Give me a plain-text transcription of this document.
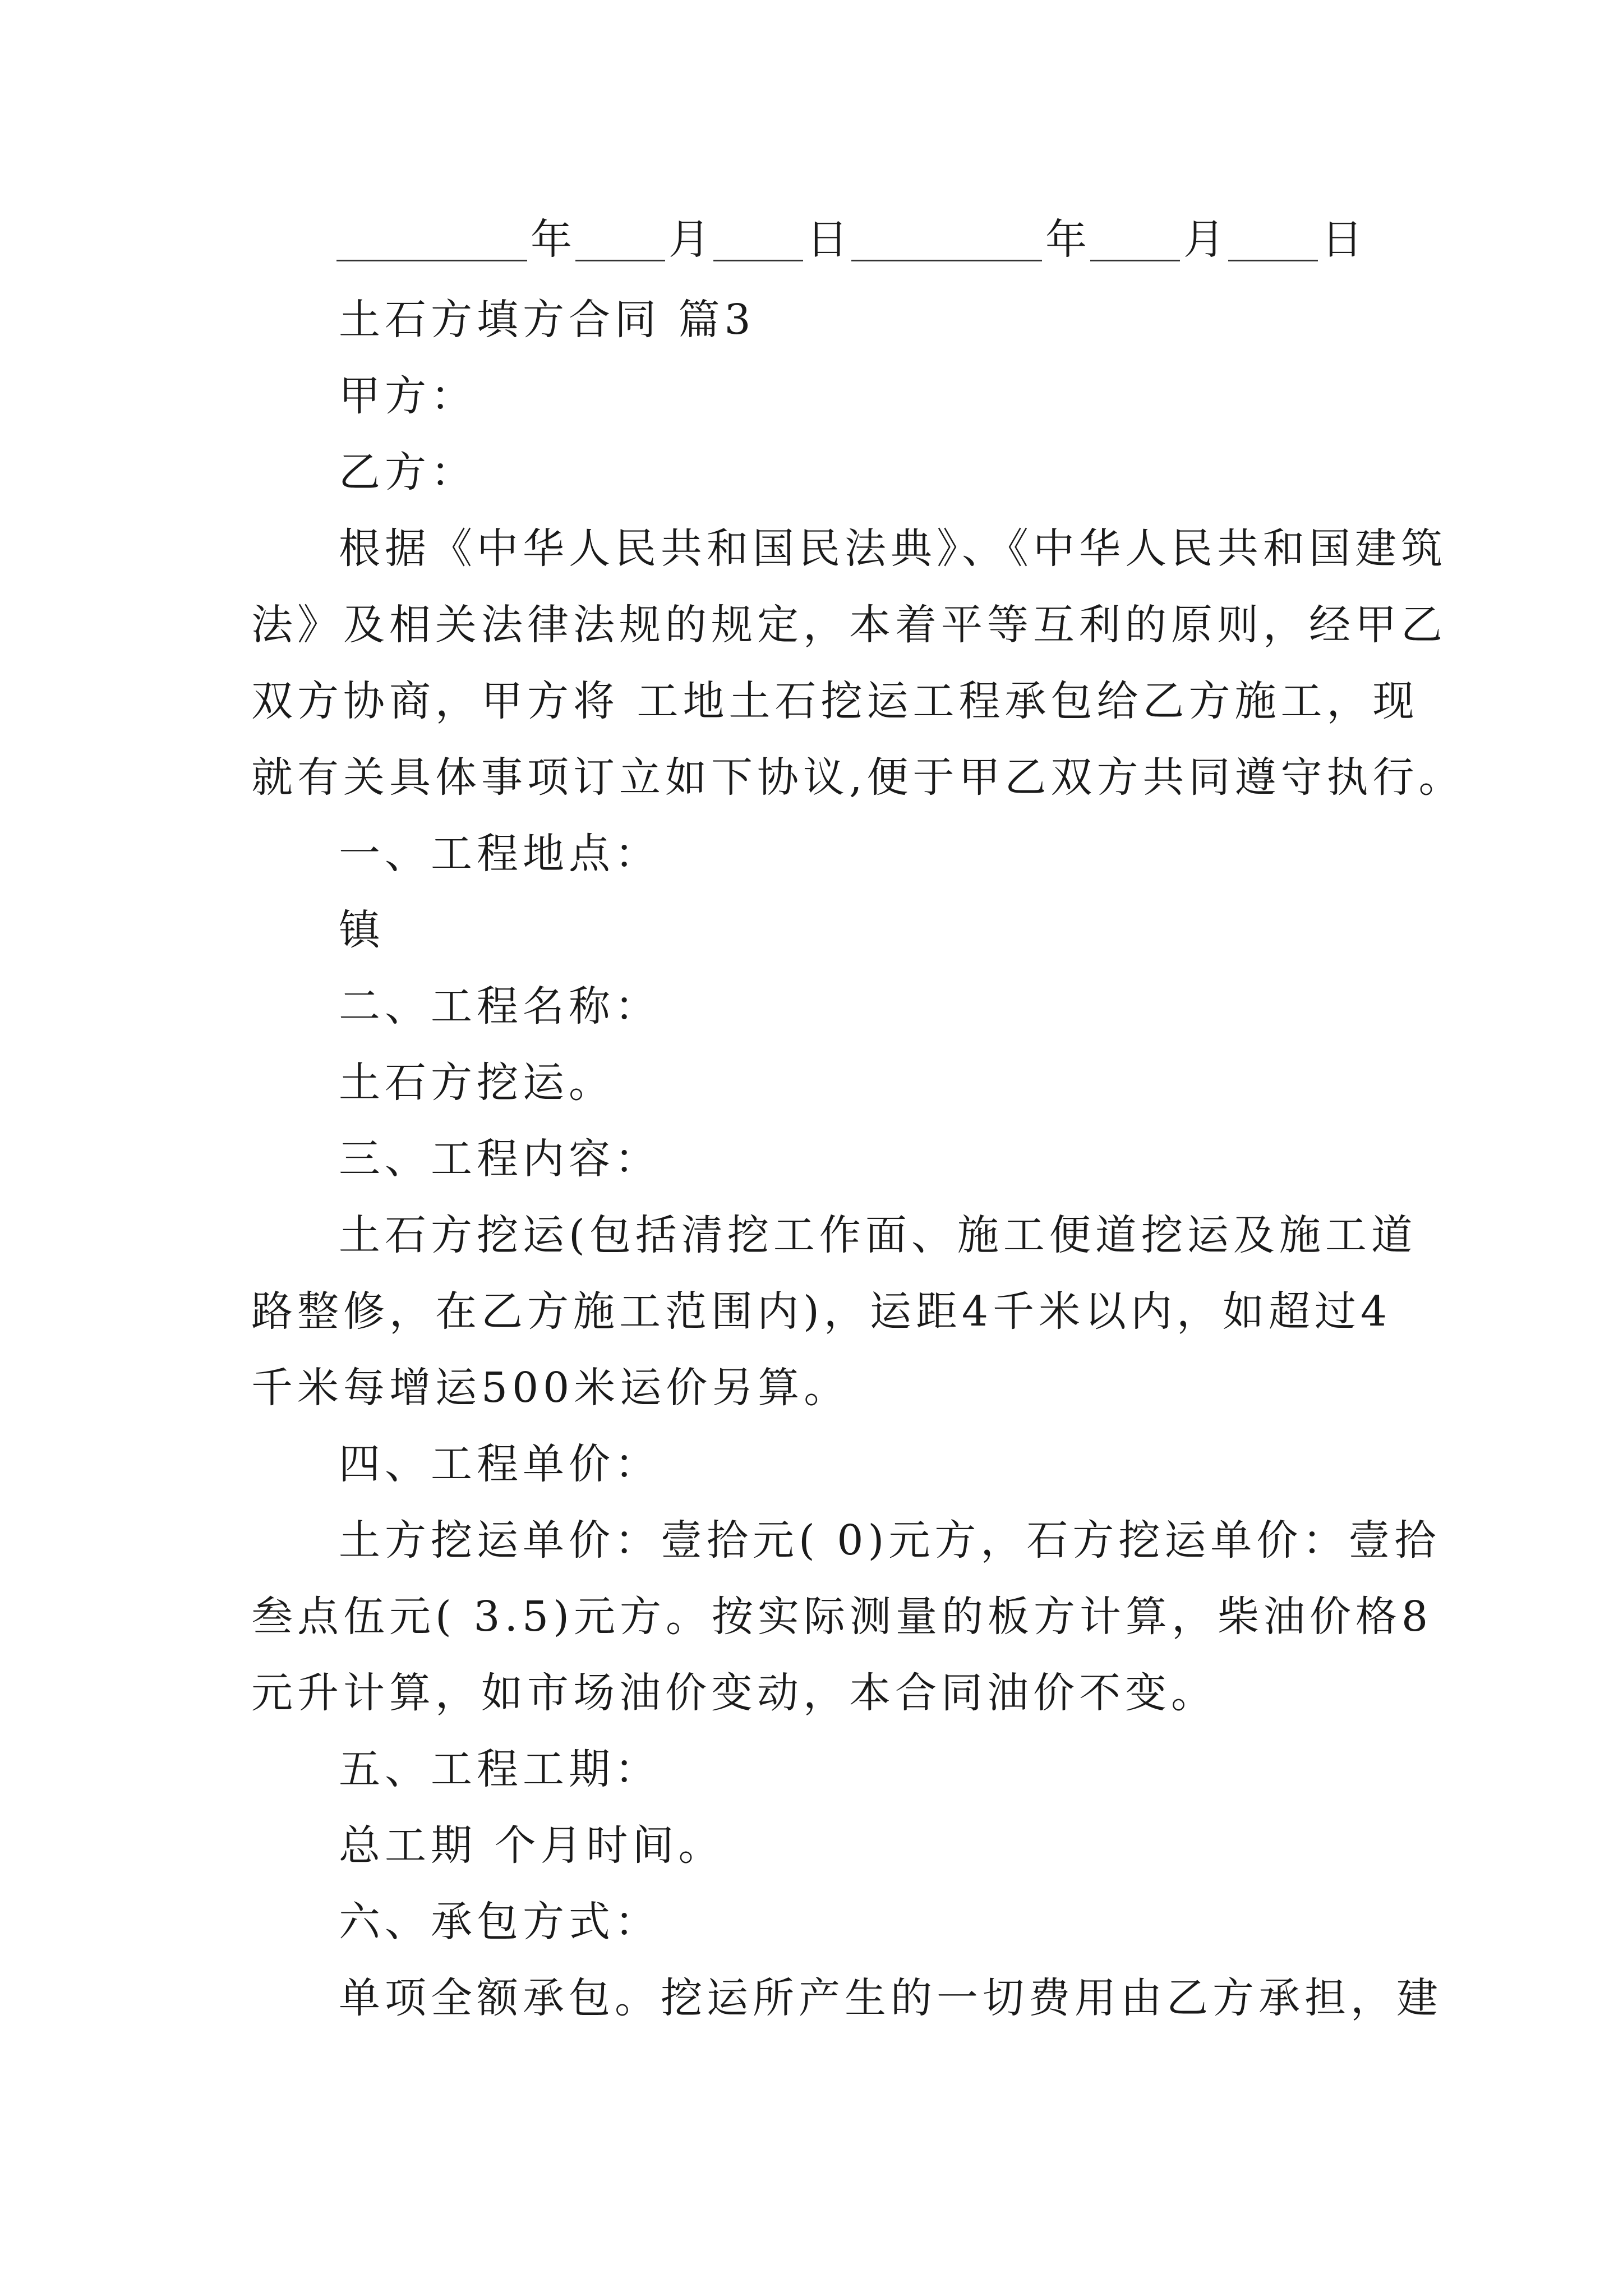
年 月 日	年 月 日
土石方填方合同 篇3
甲方：
乙方：
根据《中华人民共和国民法典》、《中华人民共和国建筑
法》及相关法律法规的规定，本着平等互利的原则，经甲乙
双方协商，甲方将 工地土石挖运工程承包给乙方施工，现
就有关具体事项订立如下协议,便于甲乙双方共同遵守执行。
一、工程地点：
镇
二、工程名称：
土石方挖运。
三、工程内容：
土石方挖运(包括清挖工作面、施工便道挖运及施工道
路整修，在乙方施工范围内)，运距4千米以内，如超过4
千米每增运500米运价另算。
四、工程单价：
土方挖运单价：壹拾元( 0)元方，石方挖运单价：壹拾
叁点伍元( 3.5)元方。按实际测量的板方计算，柴油价格8
元升计算，如市场油价变动，本合同油价不变。
五、工程工期：
总工期 个月时间。
六、承包方式：
单项全额承包。挖运所产生的一切费用由乙方承担，建
